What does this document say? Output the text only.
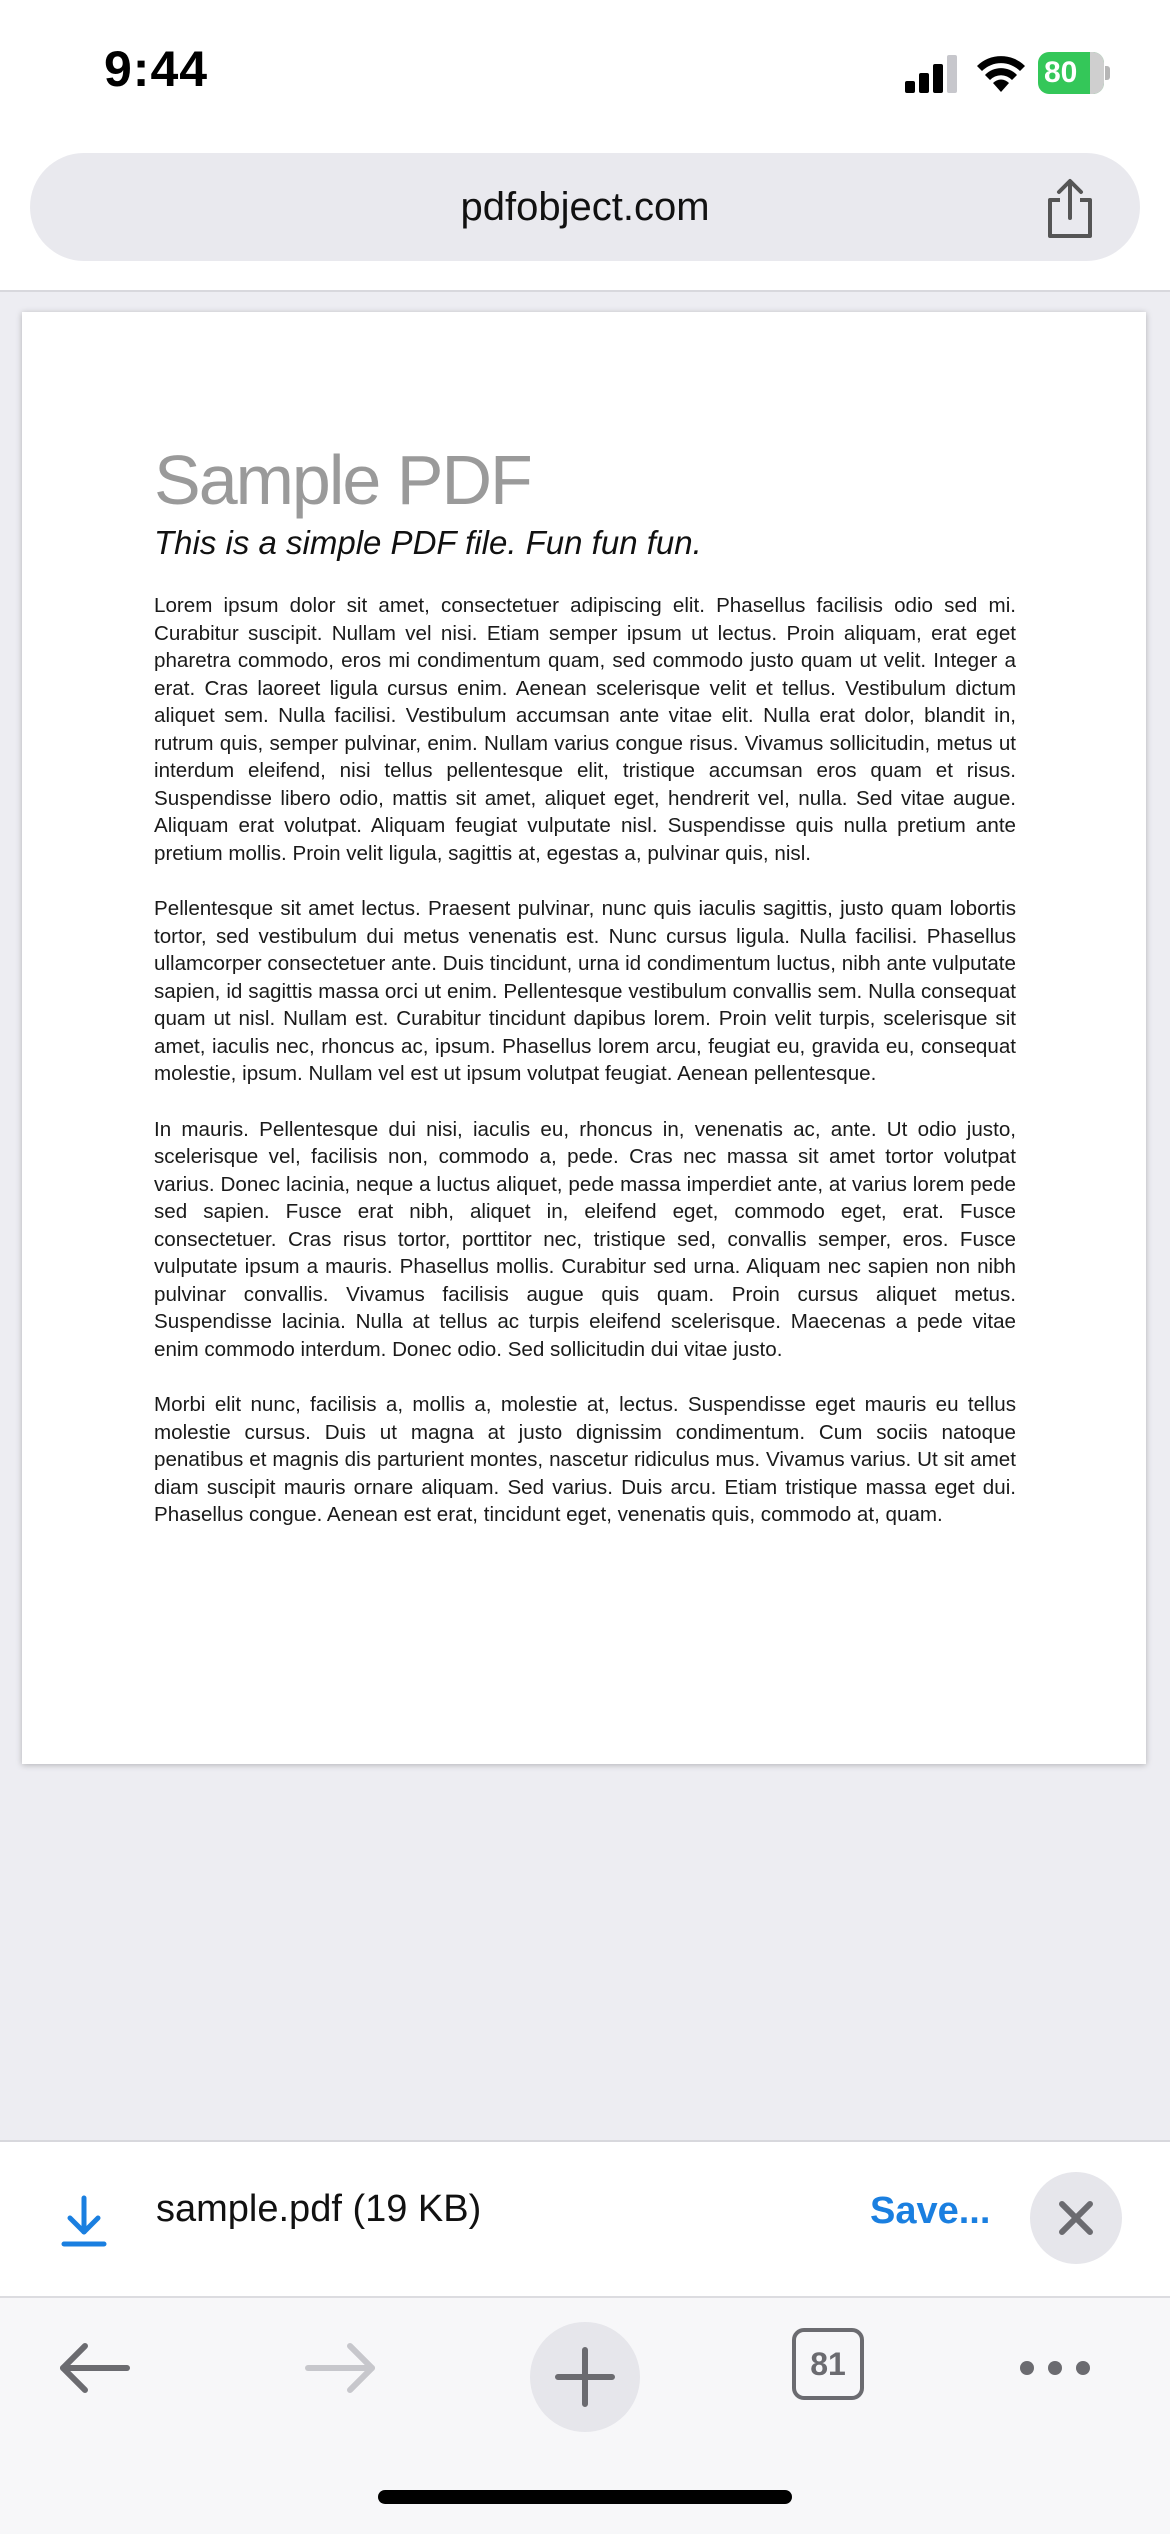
9:44	80
pdfobject.com
Sample PDF
This is a simple PDF file. Fun fun fun.

Lorem ipsum dolor sit amet, consectetuer adipiscing elit. Phasellus facilisis odio sed mi. Curabitur suscipit. Nullam vel nisi. Etiam semper ipsum ut lectus. Proin aliquam, erat eget pharetra commodo, eros mi condimentum quam, sed commodo justo quam ut velit. Integer a erat. Cras laoreet ligula cursus enim. Aenean scelerisque velit et tellus. Vestibulum dictum aliquet sem. Nulla facilisi. Vestibulum accumsan ante vitae elit. Nulla erat dolor, blandit in, rutrum quis, semper pulvinar, enim. Nullam varius congue risus. Vivamus sollicitudin, metus ut interdum eleifend, nisi tellus pellentesque elit, tristique accumsan eros quam et risus. Suspendisse libero odio, mattis sit amet, aliquet eget, hendrerit vel, nulla. Sed vitae augue. Aliquam erat volutpat. Aliquam feugiat vulputate nisl. Suspendisse quis nulla pretium ante pretium mollis. Proin velit ligula, sagittis at, egestas a, pulvinar quis, nisl.

Pellentesque sit amet lectus. Praesent pulvinar, nunc quis iaculis sagittis, justo quam lobortis tortor, sed vestibulum dui metus venenatis est. Nunc cursus ligula. Nulla facilisi. Phasellus ullamcorper consectetuer ante. Duis tincidunt, urna id condimentum luctus, nibh ante vulputate sapien, id sagittis massa orci ut enim. Pellentesque vestibulum convallis sem. Nulla consequat quam ut nisl. Nullam est. Curabitur tincidunt dapibus lorem. Proin velit turpis, scelerisque sit amet, iaculis nec, rhoncus ac, ipsum. Phasellus lorem arcu, feugiat eu, gravida eu, consequat molestie, ipsum. Nullam vel est ut ipsum volutpat feugiat. Aenean pellentesque.

In mauris. Pellentesque dui nisi, iaculis eu, rhoncus in, venenatis ac, ante. Ut odio justo, scelerisque vel, facilisis non, commodo a, pede. Cras nec massa sit amet tortor volutpat varius. Donec lacinia, neque a luctus aliquet, pede massa imperdiet ante, at varius lorem pede sed sapien. Fusce erat nibh, aliquet in, eleifend eget, commodo eget, erat. Fusce consectetuer. Cras risus tortor, porttitor nec, tristique sed, convallis semper, eros. Fusce vulputate ipsum a mauris. Phasellus mollis. Curabitur sed urna. Aliquam nec sapien non nibh pulvinar convallis. Vivamus facilisis augue quis quam. Proin cursus aliquet metus. Suspendisse lacinia. Nulla at tellus ac turpis eleifend scelerisque. Maecenas a pede vitae enim commodo interdum. Donec odio. Sed sollicitudin dui vitae justo.

Morbi elit nunc, facilisis a, mollis a, molestie at, lectus. Suspendisse eget mauris eu tellus molestie cursus. Duis ut magna at justo dignissim condimentum. Cum sociis natoque penatibus et magnis dis parturient montes, nascetur ridiculus mus. Vivamus varius. Ut sit amet diam suscipit mauris ornare aliquam. Sed varius. Duis arcu. Etiam tristique massa eget dui. Phasellus congue. Aenean est erat, tincidunt eget, venenatis quis, commodo at, quam.

sample.pdf (19 KB)	Save...
81
